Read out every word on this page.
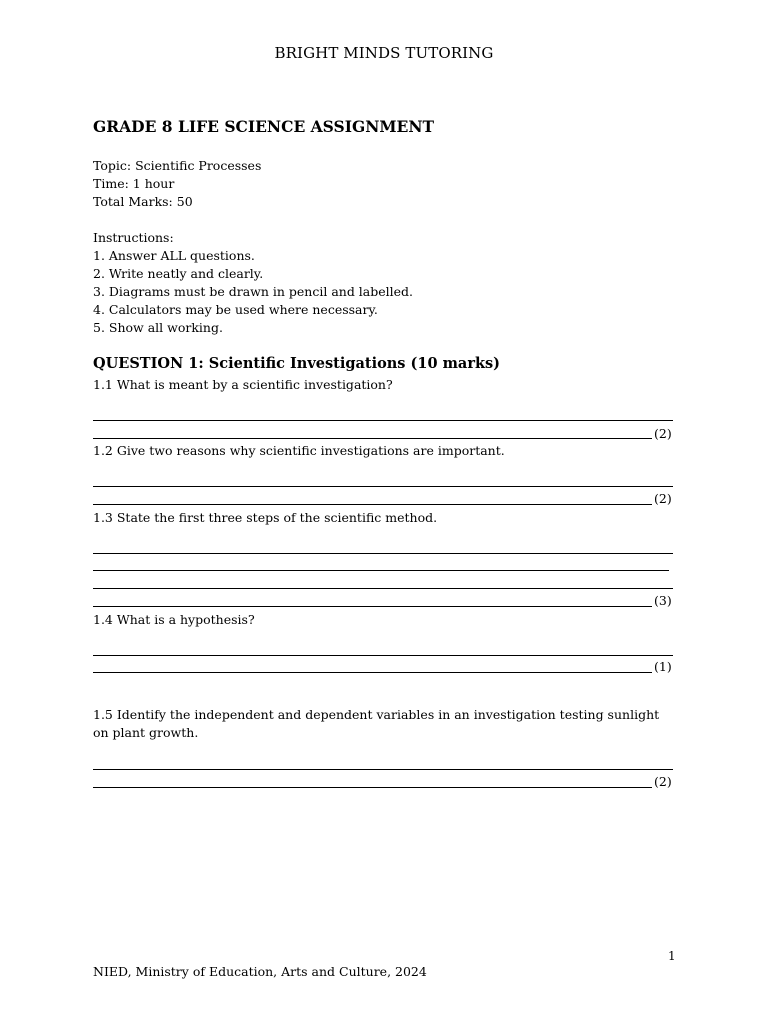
BRIGHT MINDS TUTORING
GRADE 8 LIFE SCIENCE ASSIGNMENT
Topic: Scientific Processes
Time: 1 hour
Total Marks: 50
Instructions:
1. Answer ALL questions.
2. Write neatly and clearly.
3. Diagrams must be drawn in pencil and labelled.
4. Calculators may be used where necessary.
5. Show all working.
QUESTION 1: Scientific Investigations (10 marks)
1.1 What is meant by a scientific investigation?
(2)
1.2 Give two reasons why scientific investigations are important.
(2)
1.3 State the first three steps of the scientific method.
(3)
1.4 What is a hypothesis?
(1)
1.5 Identify the independent and dependent variables in an investigation testing sunlight on plant growth.
(2)
1
NIED, Ministry of Education, Arts and Culture, 2024
